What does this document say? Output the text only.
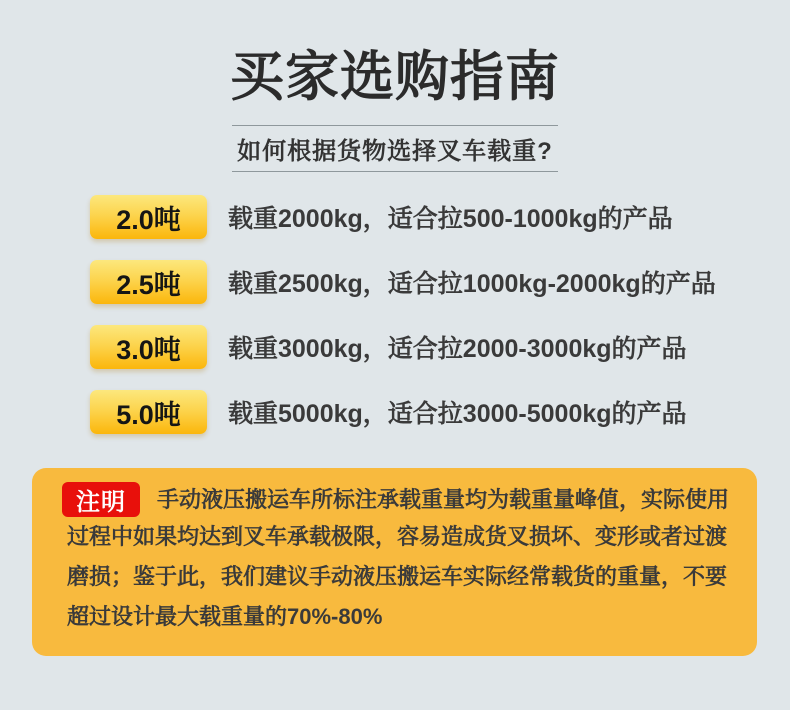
买家选购指南
如何根据货物选择叉车载重?
2.0吨	载重2000kg，适合拉500-1000kg的产品
2.5吨	载重2500kg，适合拉1000kg-2000kg的产品
3.0吨	载重3000kg，适合拉2000-3000kg的产品
5.0吨	载重5000kg，适合拉3000-5000kg的产品
注明	手动液压搬运车所标注承载重量均为载重量峰值，实际使用
过程中如果均达到叉车承载极限，容易造成货叉损坏、变形或者过渡
磨损；鉴于此，我们建议手动液压搬运车实际经常载货的重量，不要
超过设计最大载重量的70%-80%
